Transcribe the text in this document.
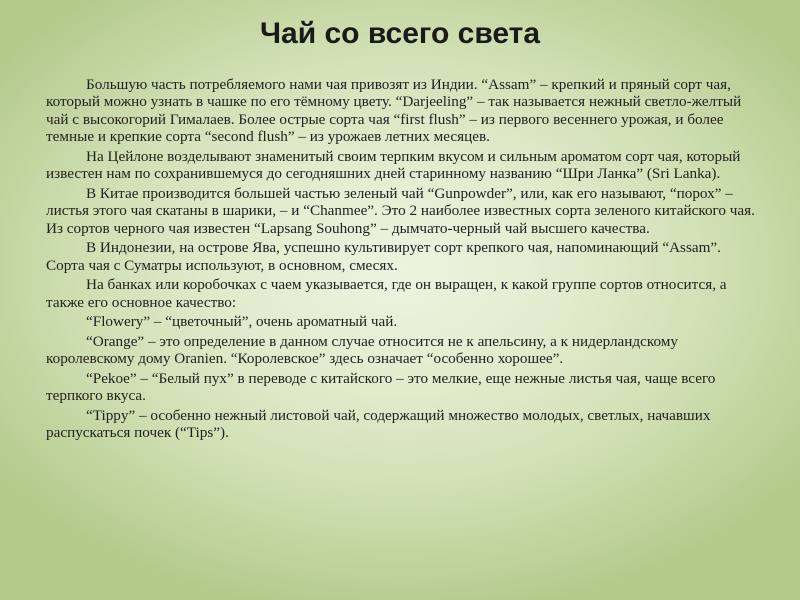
Чай со всего света

Большую часть потребляемого нами чая привозят из Индии. “Assam” – крепкий и пряный сорт чая, который можно узнать в чашке по его тёмному цвету. “Darjeeling” – так называется нежный светло-желтый чай с высокогорий Гималаев. Более острые сорта чая “first flush” – из первого весеннего урожая, и более темные и крепкие сорта “second flush” – из урожаев летних месяцев.

На Цейлоне возделывают знаменитый своим терпким вкусом и сильным ароматом сорт чая, который известен нам по сохранившемуся до сегодняшних дней старинному названию “Шри Ланка” (Sri Lanka).

В Китае производится большей частью зеленый чай “Gunpowder”, или, как его называют, “порох” – листья этого чая скатаны в шарики, – и “Chanmee”. Это 2 наиболее известных сорта зеленого китайского чая. Из сортов черного чая известен “Lapsang Souhong” – дымчато-черный чай высшего качества.

В Индонезии, на острове Ява, успешно культивирует сорт крепкого чая, напоминающий “Assam”. Сорта чая с Суматры используют, в основном, смесях.

На банках или коробочках с чаем указывается, где он выращен, к какой группе сортов относится, а также его основное качество:

“Flowery” – “цветочный”, очень ароматный чай.

“Orange” – это определение в данном случае относится не к апельсину, а к нидерландскому королевскому дому Oranien. “Королевское” здесь означает “особенно хорошее”.

“Pekoe” – “Белый пух” в переводе с китайского – это мелкие, еще нежные листья чая, чаще всего терпкого вкуса.

“Tippy” – особенно нежный листовой чай, содержащий множество молодых, светлых, начавших распускаться почек (“Tips”).
